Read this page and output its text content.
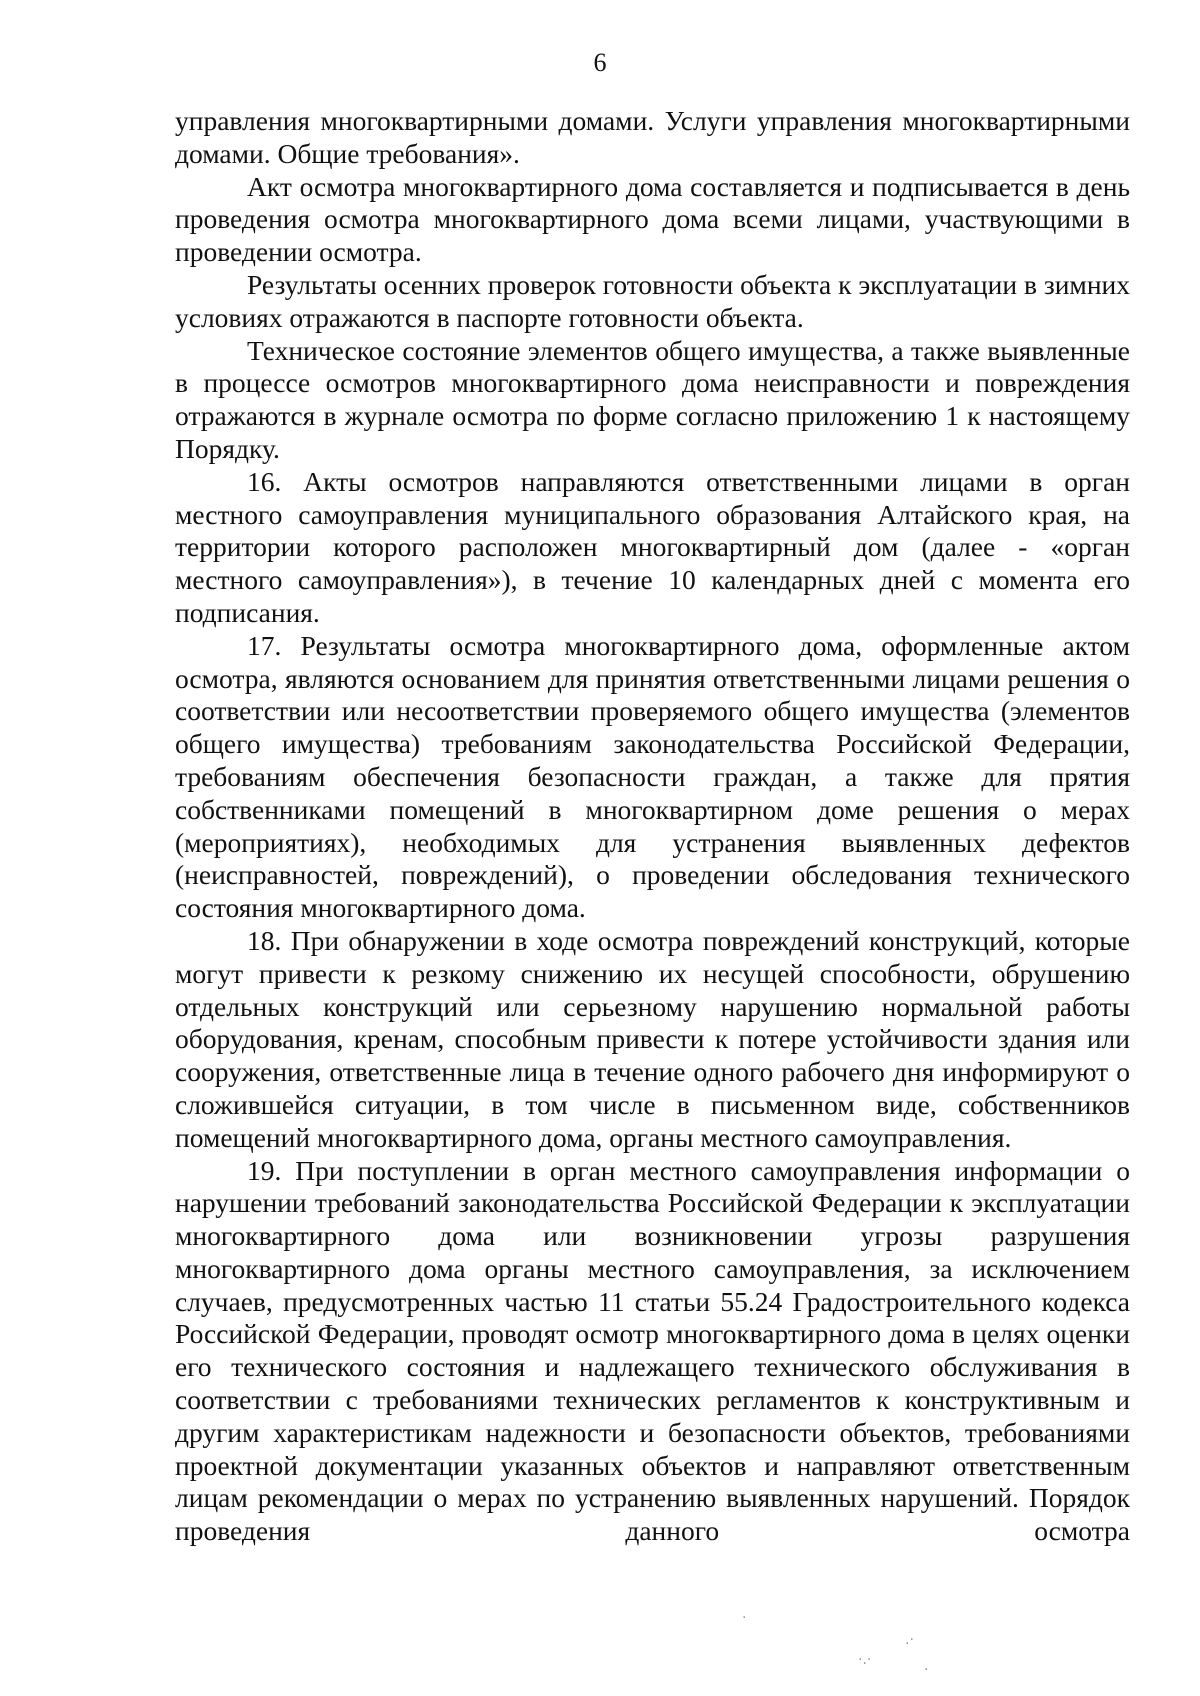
6

управления многоквартирными домами. Услуги управления многоквартирными домами. Общие требования».

Акт осмотра многоквартирного дома составляется и подписывается в день проведения осмотра многоквартирного дома всеми лицами, участвующими в проведении осмотра.

Результаты осенних проверок готовности объекта к эксплуатации в зимних условиях отражаются в паспорте готовности объекта.

Техническое состояние элементов общего имущества, а также выявленные в процессе осмотров многоквартирного дома неисправности и повреждения отражаются в журнале осмотра по форме согласно приложению 1 к настоящему Порядку.

16. Акты осмотров направляются ответственными лицами в орган местного самоуправления муниципального образования Алтайского края, на территории которого расположен многоквартирный дом (далее - «орган местного самоуправления»), в течение 10 календарных дней с момента его подписания.

17. Результаты осмотра многоквартирного дома, оформленные актом осмотра, являются основанием для принятия ответственными лицами решения о соответствии или несоответствии проверяемого общего имущества (элементов общего имущества) требованиям законодательства Российской Федерации, требованиям обеспечения безопасности граждан, а также для прятия собственниками помещений в многоквартирном доме решения о мерах (мероприятиях), необходимых для устранения выявленных дефектов (неисправностей, повреждений), о проведении обследования технического состояния многоквартирного дома.

18. При обнаружении в ходе осмотра повреждений конструкций, которые могут привести к резкому снижению их несущей способности, обрушению отдельных конструкций или серьезному нарушению нормальной работы оборудования, кренам, способным привести к потере устойчивости здания или сооружения, ответственные лица в течение одного рабочего дня информируют о сложившейся ситуации, в том числе в письменном виде, собственников помещений многоквартирного дома, органы местного самоуправления.

19. При поступлении в орган местного самоуправления информации о нарушении требований законодательства Российской Федерации к эксплуатации многоквартирного дома или возникновении угрозы разрушения многоквартирного дома органы местного самоуправления, за исключением случаев, предусмотренных частью 11 статьи 55.24 Градостроительного кодекса Российской Федерации, проводят осмотр многоквартирного дома в целях оценки его технического состояния и надлежащего технического обслуживания в соответствии с требованиями технических регламентов к конструктивным и другим характеристикам надежности и безопасности объектов, требованиями проектной документации указанных объектов и направляют ответственным лицам рекомендации о мерах по устранению выявленных нарушений. Порядок проведения данного осмотра

·.·
.·
·
·
